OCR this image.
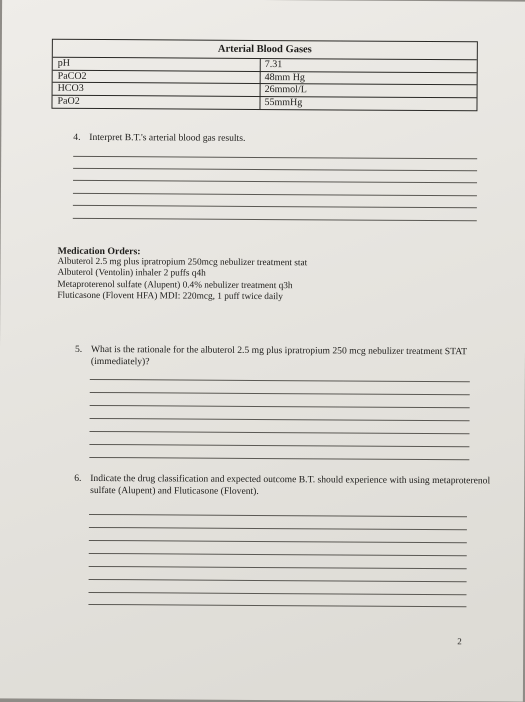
Arterial Blood Gases
pH	7.31
PaCO2	48mm Hg
HCO3	26mmol/L
PaO2	55mmHg
4. Interpret B.T.'s arterial blood gas results.
Medication Orders:
Albuterol 2.5 mg plus ipratropium 250mcg nebulizer treatment stat
Albuterol (Ventolin) inhaler 2 puffs q4h
Metaproterenol sulfate (Alupent) 0.4% nebulizer treatment q3h
Fluticasone (Flovent HFA) MDI: 220mcg, 1 puff twice daily
5. What is the rationale for the albuterol 2.5 mg plus ipratropium 250 mcg nebulizer treatment STAT (immediately)?
6. Indicate the drug classification and expected outcome B.T. should experience with using metaproterenol sulfate (Alupent) and Fluticasone (Flovent).
2
